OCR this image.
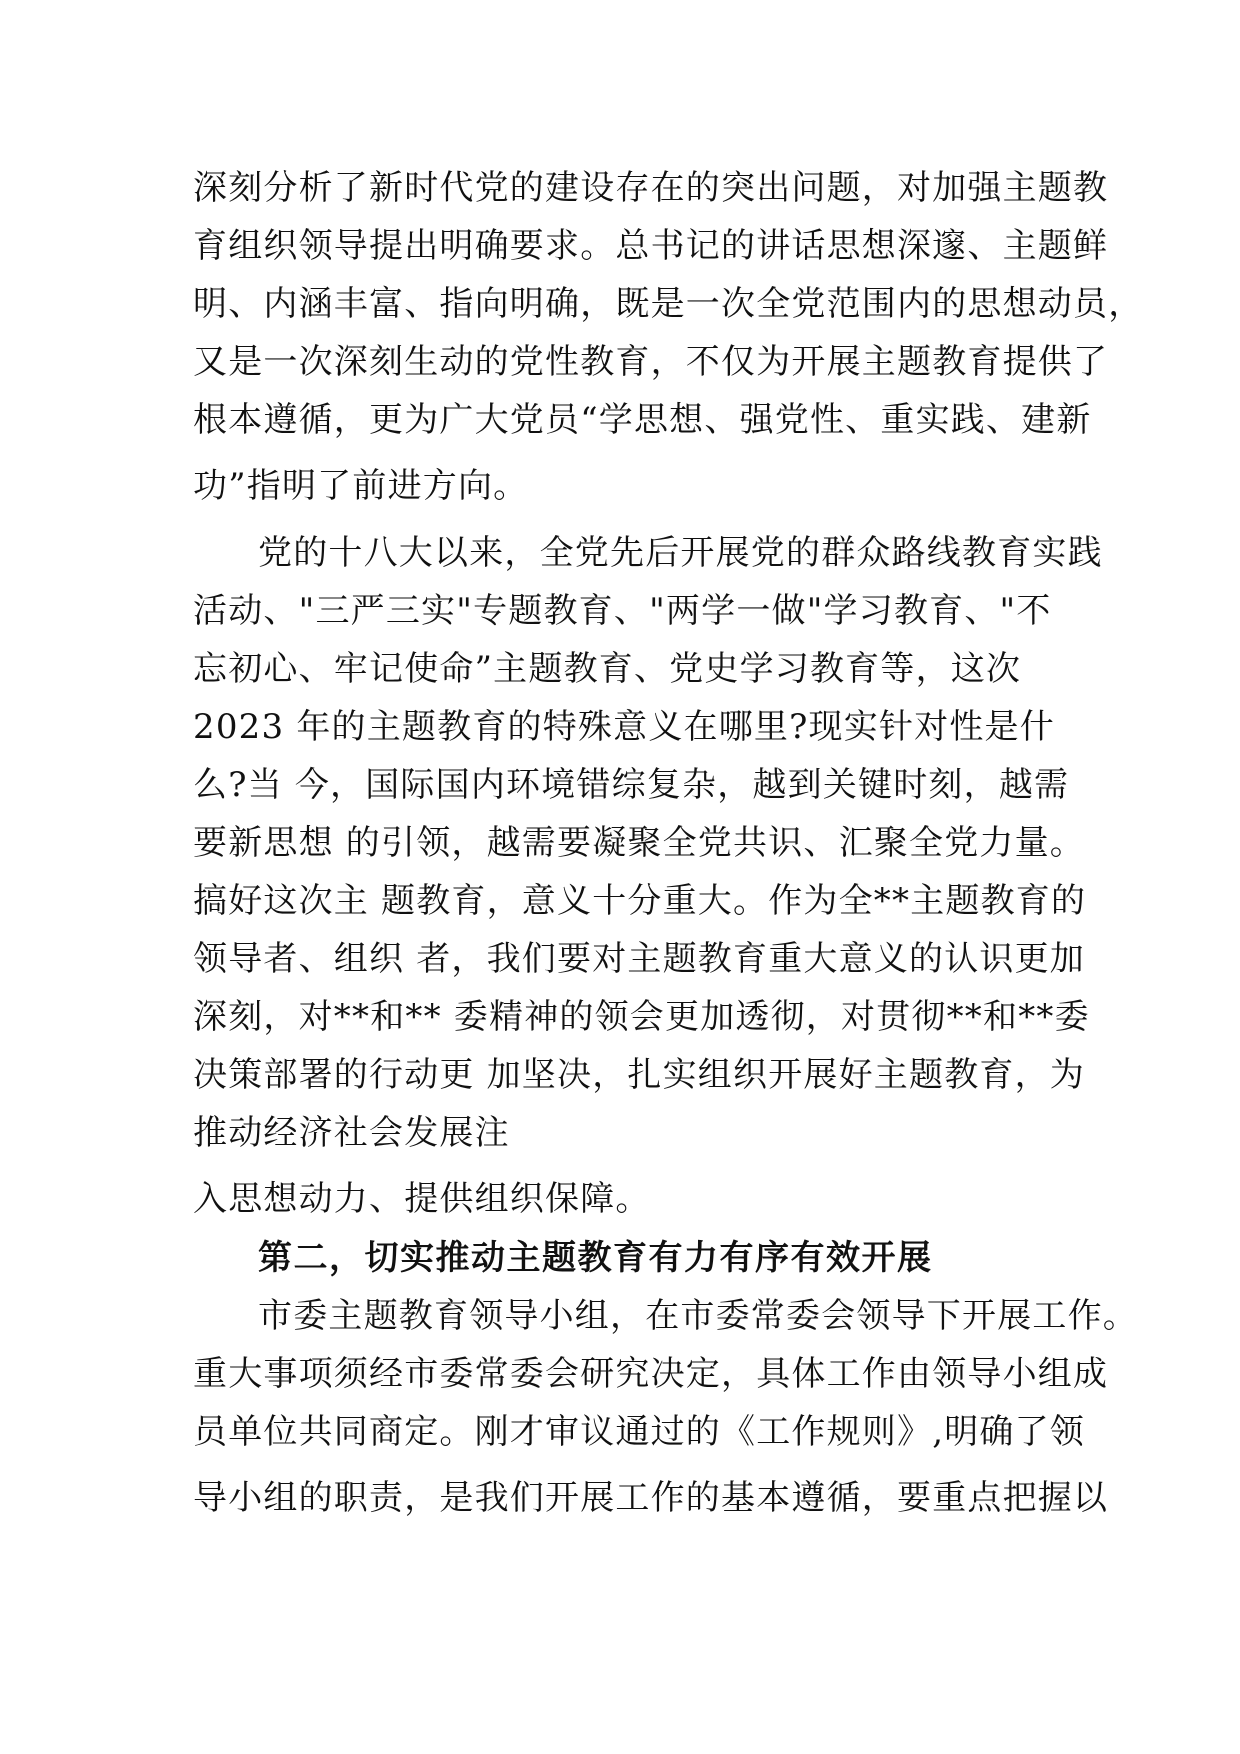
深刻分析了新时代党的建设存在的突出问题，对加强主题教
育组织领导提出明确要求。总书记的讲话思想深邃、主题鲜
明、内涵丰富、指向明确，既是一次全党范围内的思想动员，
又是一次深刻生动的党性教育，不仅为开展主题教育提供了
根本遵循，更为广大党员“学思想、强党性、重实践、建新
功”指明了前进方向。
党的十八大以来，全党先后开展党的群众路线教育实践
活动、"三严三实"专题教育、"两学一做"学习教育、"不
忘初心、牢记使命”主题教育、党史学习教育等，这次
2023 年的主题教育的特殊意义在哪里?现实针对性是什
么?当 今，国际国内环境错综复杂，越到关键时刻，越需
要新思想 的引领，越需要凝聚全党共识、汇聚全党力量。
搞好这次主 题教育，意义十分重大。作为全**主题教育的
领导者、组织 者，我们要对主题教育重大意义的认识更加
深刻，对**和** 委精神的领会更加透彻，对贯彻**和**委
决策部署的行动更 加坚决，扎实组织开展好主题教育，为
推动经济社会发展注
入思想动力、提供组织保障。
第二，切实推动主题教育有力有序有效开展
市委主题教育领导小组，在市委常委会领导下开展工作。
重大事项须经市委常委会研究决定，具体工作由领导小组成
员单位共同商定。刚才审议通过的《工作规则》,明确了领
导小组的职责，是我们开展工作的基本遵循，要重点把握以
